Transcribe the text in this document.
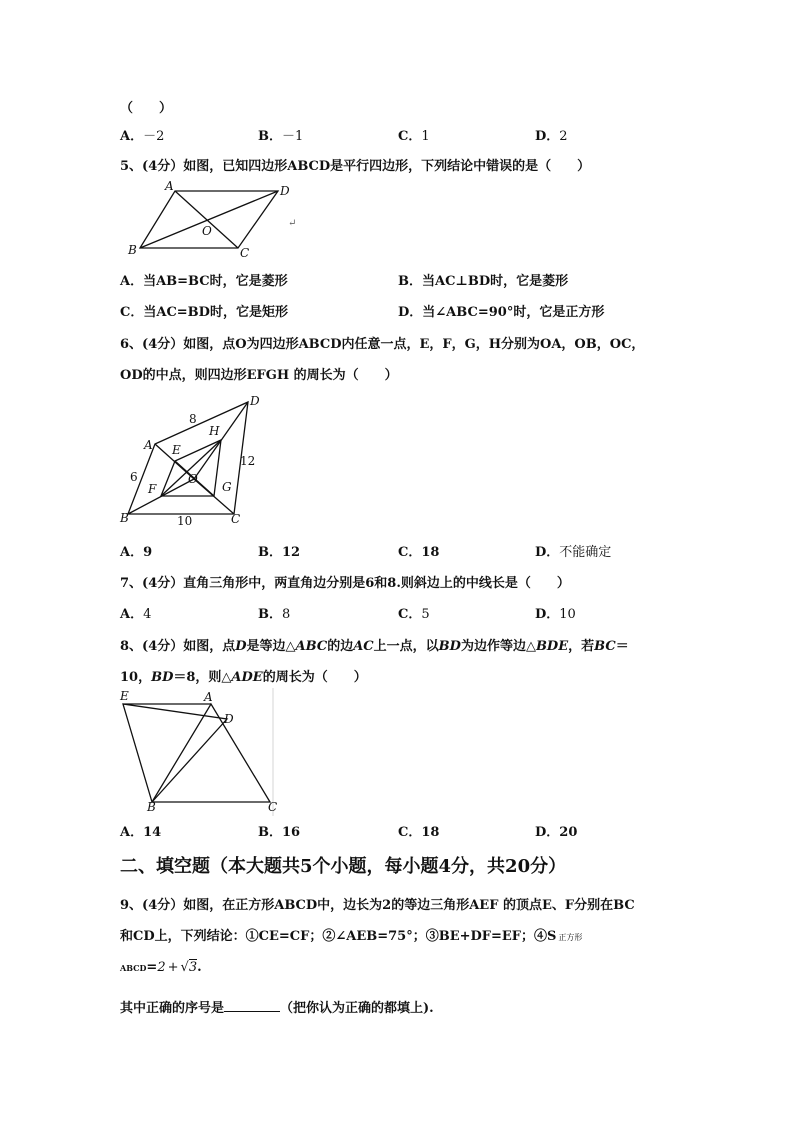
（　　）
A．－2	B．－1	C．1	D．2
5、(4分）如图，已知四边形ABCD是平行四边形，下列结论中错误的是（　　）
A	D
O
B	C
↵
A．当AB=BC时，它是菱形	B．当AC⊥BD时，它是菱形
C．当AC=BD时，它是矩形	D．当∠ABC=90°时，它是正方形
6、(4分）如图，点O为四边形ABCD内任意一点，E，F，G，H分别为OA，OB，OC，
OD的中点，则四边形EFGH 的周长为（　　）
D
A
H
E
O
F	G
B	C
8
6
12
10
A．9	B．12	C．18	D．不能确定
7、(4分）直角三角形中，两直角边分别是6和8.则斜边上的中线长是（　　）
A．4	B．8	C．5	D．10
8、(4分）如图，点D是等边△ABC的边AC上一点，以BD为边作等边△BDE，若BC＝
10，BD＝8，则△ADE的周长为（　　）
E	A
D
B	C
A．14	B．16	C．18	D．20
二、填空题（本大题共5个小题，每小题4分，共20分）
9、(4分）如图，在正方形ABCD中，边长为2的等边三角形AEF 的顶点E、F分别在BC
和CD上，下列结论：①CE=CF；②∠AEB=75°；③BE+DF=EF；④S 正方形
ABCD=2 + √3.
其中正确的序号是	（把你认为正确的都填上).
